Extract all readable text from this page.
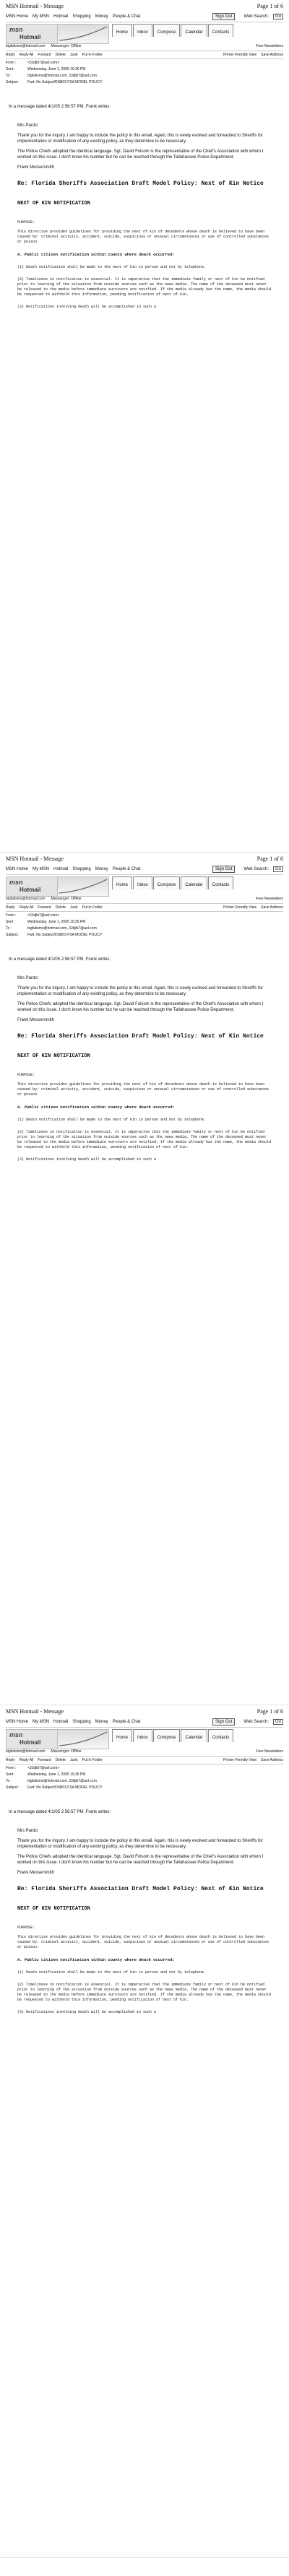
MSN Hotmail - Message	Page 1 of 6
MSN Home My MSN Hotmail Shopping Money People & Chat	Sign Out	Web Search:	Go
msn
Hotmail
Home	Inbox	Compose	Calendar	Contacts
bigfalismo@hotmail.com Messenger: Offline	Free Newsletters
Reply Reply All Forward Delete Junk Put in Folder	Printer Friendly View Save Address
From :	<3Jdjbi7@aol.com>
Sent :	Wednesday, June 1, 2005 10:26 PM
To :	bigfalismo@hotmail.com, 3Jdjbi7@aol.com
Subject :	Fwd: No Subject/DSB03 FSA MODEL POLICY
In a message dated 4/1/05 2:56:57 PM, Frank writes:

Mrs Pardo:

Thank you for the inquiry. I am happy to include the policy in this email. Again, this is newly evolved and forwarded to Sheriffs for implementation or modification of any existing policy, as they determine to be necessary.

The Police Chiefs adopted the identical language. Sgt. David Folsom is the representative of the Chief's Association with whom I worked on this issue. I don't know his number but he can be reached through the Tallahassee Police Department.

Frank Messersmith

Re: Florida Sheriffs Association Draft Model Policy: Next of Kin Notice
NEXT OF KIN NOTIFICATION
PURPOSE:
This directive provides guidelines for providing the next of kin of decedents whose death is believed to have been caused by: criminal activity, accident, suicide, suspicious or unusual circumstances or use of controlled substances or poison.
A. Public citizen notification within county where death occurred:
(1) Death notification shall be made to the next of kin in person and not by telephone.
(2) Timeliness in notification is essential. It is imperative that the immediate family or next of kin be notified prior to learning of the situation from outside sources such as the news media. The name of the deceased must never be released to the media before immediate survivors are notified. If the media already has the name, the media should be requested to withhold this information, pending notification of next of kin.
(3) Notifications involving death will be accomplished in such a
MSN Hotmail - Message	Page 1 of 6
MSN Home My MSN Hotmail Shopping Money People & Chat	Sign Out	Web Search:	Go
msn
Hotmail
Home	Inbox	Compose	Calendar	Contacts
bigfalismo@hotmail.com Messenger: Offline	Free Newsletters
Reply Reply All Forward Delete Junk Put in Folder	Printer Friendly View Save Address
From :	<3Jdjbi7@aol.com>
Sent :	Wednesday, June 1, 2005 10:26 PM
To :	bigfalismo@hotmail.com, 3Jdjbi7@aol.com
Subject :	Fwd: No Subject/DSB03 FSA MODEL POLICY
In a message dated 4/1/05 2:56:57 PM, Frank writes:

Mrs Pardo:

Thank you for the inquiry. I am happy to include the policy in this email. Again, this is newly evolved and forwarded to Sheriffs for implementation or modification of any existing policy, as they determine to be necessary.

The Police Chiefs adopted the identical language. Sgt. David Folsom is the representative of the Chief's Association with whom I worked on this issue. I don't know his number but he can be reached through the Tallahassee Police Department.

Frank Messersmith

Re: Florida Sheriffs Association Draft Model Policy: Next of Kin Notice
NEXT OF KIN NOTIFICATION
PURPOSE:
This directive provides guidelines for providing the next of kin of decedents whose death is believed to have been caused by: criminal activity, accident, suicide, suspicious or unusual circumstances or use of controlled substances or poison.
A. Public citizen notification within county where death occurred:
(1) Death notification shall be made to the next of kin in person and not by telephone.
(2) Timeliness in notification is essential. It is imperative that the immediate family or next of kin be notified prior to learning of the situation from outside sources such as the news media. The name of the deceased must never be released to the media before immediate survivors are notified. If the media already has the name, the media should be requested to withhold this information, pending notification of next of kin.
(3) Notifications involving death will be accomplished in such a
MSN Hotmail - Message	Page 1 of 6
MSN Home My MSN Hotmail Shopping Money People & Chat	Sign Out	Web Search:	Go
msn
Hotmail
Home	Inbox	Compose	Calendar	Contacts
bigfalismo@hotmail.com Messenger: Offline	Free Newsletters
Reply Reply All Forward Delete Junk Put in Folder	Printer Friendly View Save Address
From :	<3Jdjbi7@aol.com>
Sent :	Wednesday, June 1, 2005 10:26 PM
To :	bigfalismo@hotmail.com, 3Jdjbi7@aol.com
Subject :	Fwd: No Subject/DSB03 FSA MODEL POLICY
In a message dated 4/1/05 2:56:57 PM, Frank writes:

Mrs Pardo:

Thank you for the inquiry. I am happy to include the policy in this email. Again, this is newly evolved and forwarded to Sheriffs for implementation or modification of any existing policy, as they determine to be necessary.

The Police Chiefs adopted the identical language. Sgt. David Folsom is the representative of the Chief's Association with whom I worked on this issue. I don't know his number but he can be reached through the Tallahassee Police Department.

Frank Messersmith

Re: Florida Sheriffs Association Draft Model Policy: Next of Kin Notice
NEXT OF KIN NOTIFICATION
PURPOSE:
This directive provides guidelines for providing the next of kin of decedents whose death is believed to have been caused by: criminal activity, accident, suicide, suspicious or unusual circumstances or use of controlled substances or poison.
A. Public citizen notification within county where death occurred:
(1) Death notification shall be made to the next of kin in person and not by telephone.
(2) Timeliness in notification is essential. It is imperative that the immediate family or next of kin be notified prior to learning of the situation from outside sources such as the news media. The name of the deceased must never be released to the media before immediate survivors are notified. If the media already has the name, the media should be requested to withhold this information, pending notification of next of kin.
(3) Notifications involving death will be accomplished in such a
